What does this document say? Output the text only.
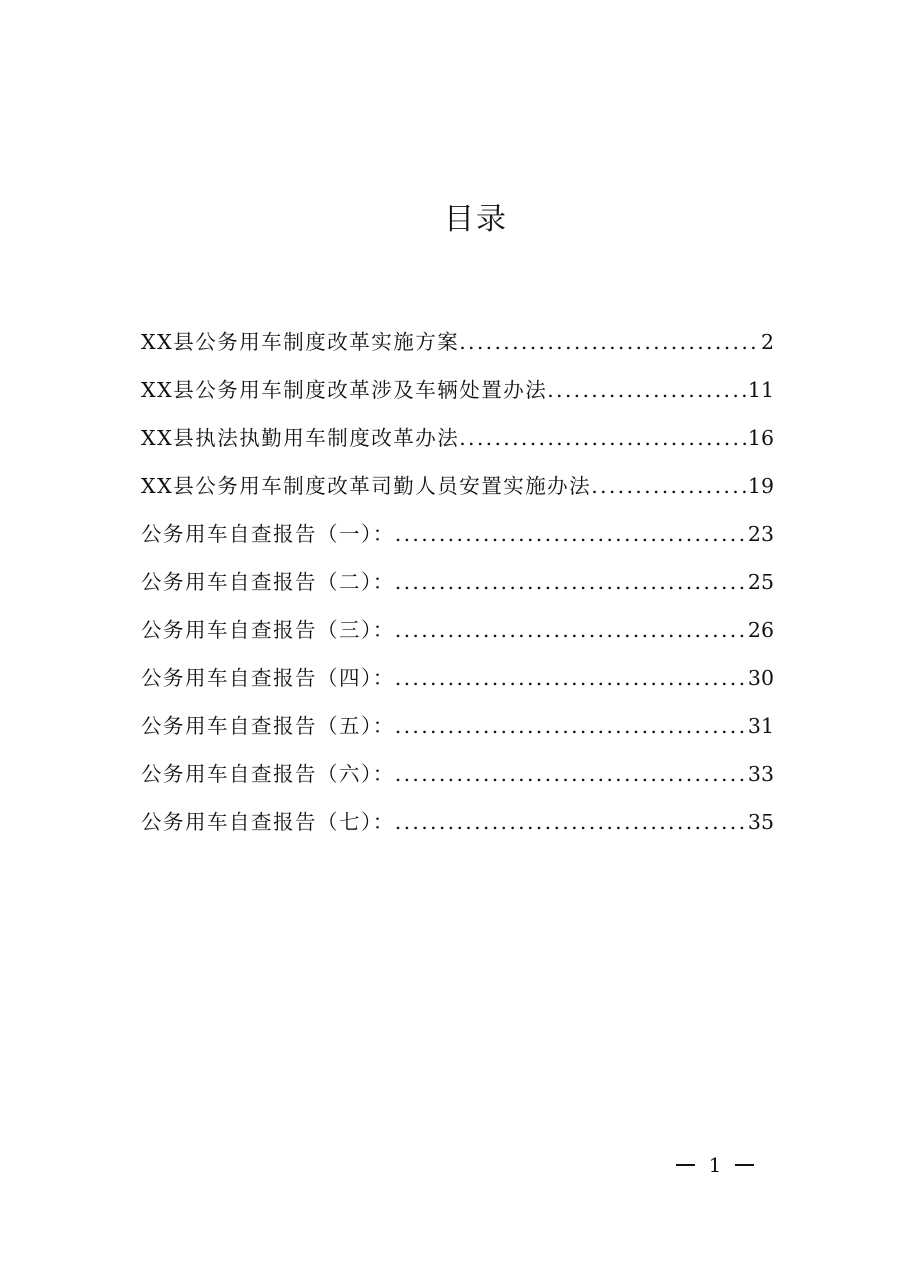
目录
XX县公务用车制度改革实施方案 .....	2
XX县公务用车制度改革涉及车辆处置办法 .....	11
XX县执法执勤用车制度改革办法 .....	16
XX县公务用车制度改革司勤人员安置实施办法 .....	19
公务用车自查报告（一）： .....	23
公务用车自查报告（二）： .....	25
公务用车自查报告（三）： .....	26
公务用车自查报告（四）： .....	30
公务用车自查报告（五）： .....	31
公务用车自查报告（六）： .....	33
公务用车自查报告（七）： .....	35
1
